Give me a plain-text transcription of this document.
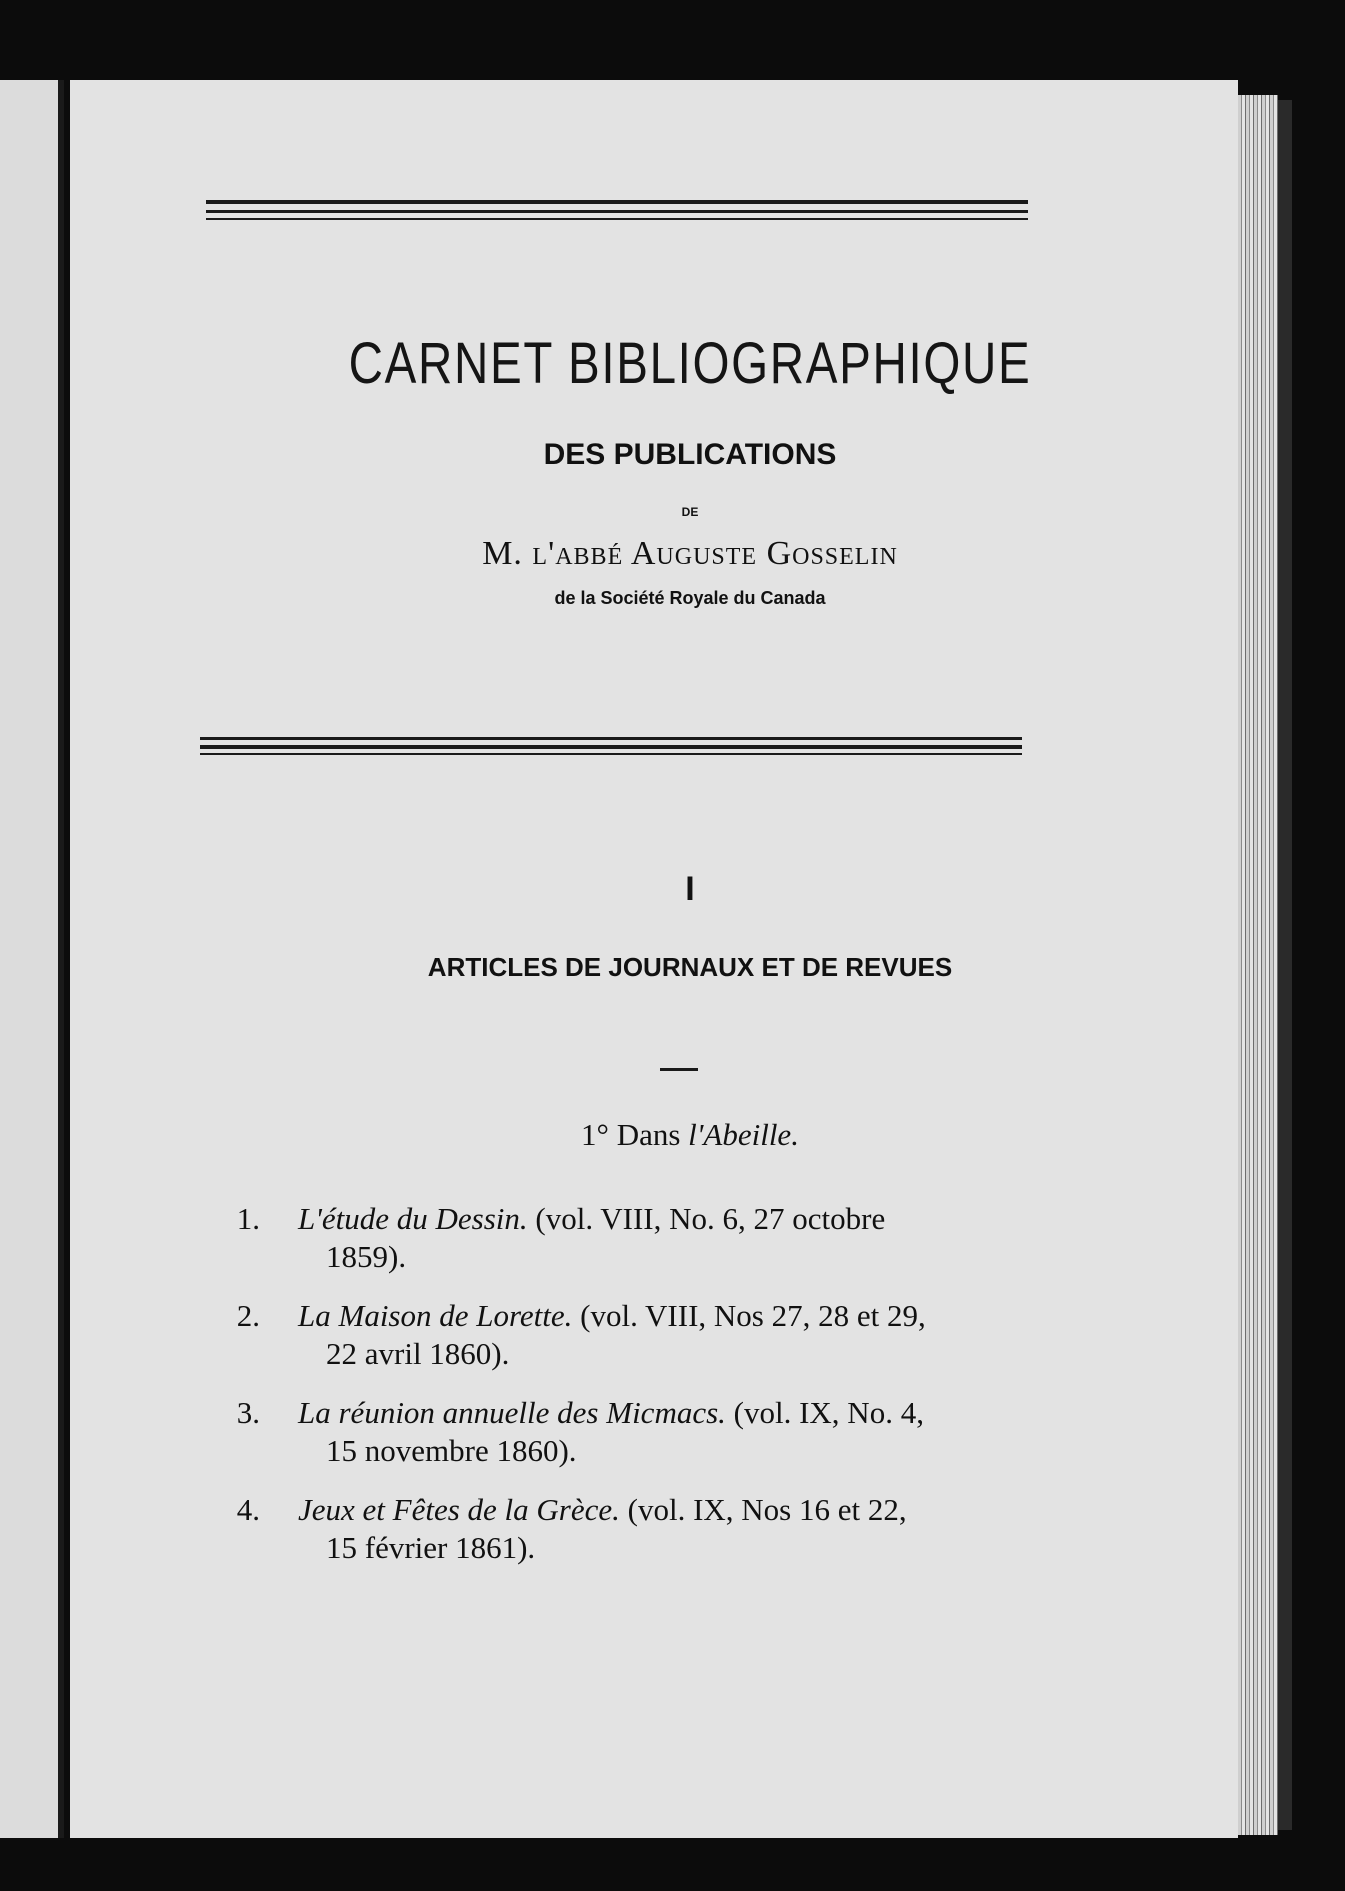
CARNET BIBLIOGRAPHIQUE
DES PUBLICATIONS
DE
M. l'abbé Auguste Gosselin
de la Société Royale du Canada
I
ARTICLES DE JOURNAUX ET DE REVUES
1° Dans l'Abeille.
1. L'étude du Dessin. (vol. VIII, No. 6, 27 octobre
1859).
2. La Maison de Lorette. (vol. VIII, Nos 27, 28 et 29,
22 avril 1860).
3. La réunion annuelle des Micmacs. (vol. IX, No. 4,
15 novembre 1860).
4. Jeux et Fêtes de la Grèce. (vol. IX, Nos 16 et 22,
15 février 1861).
